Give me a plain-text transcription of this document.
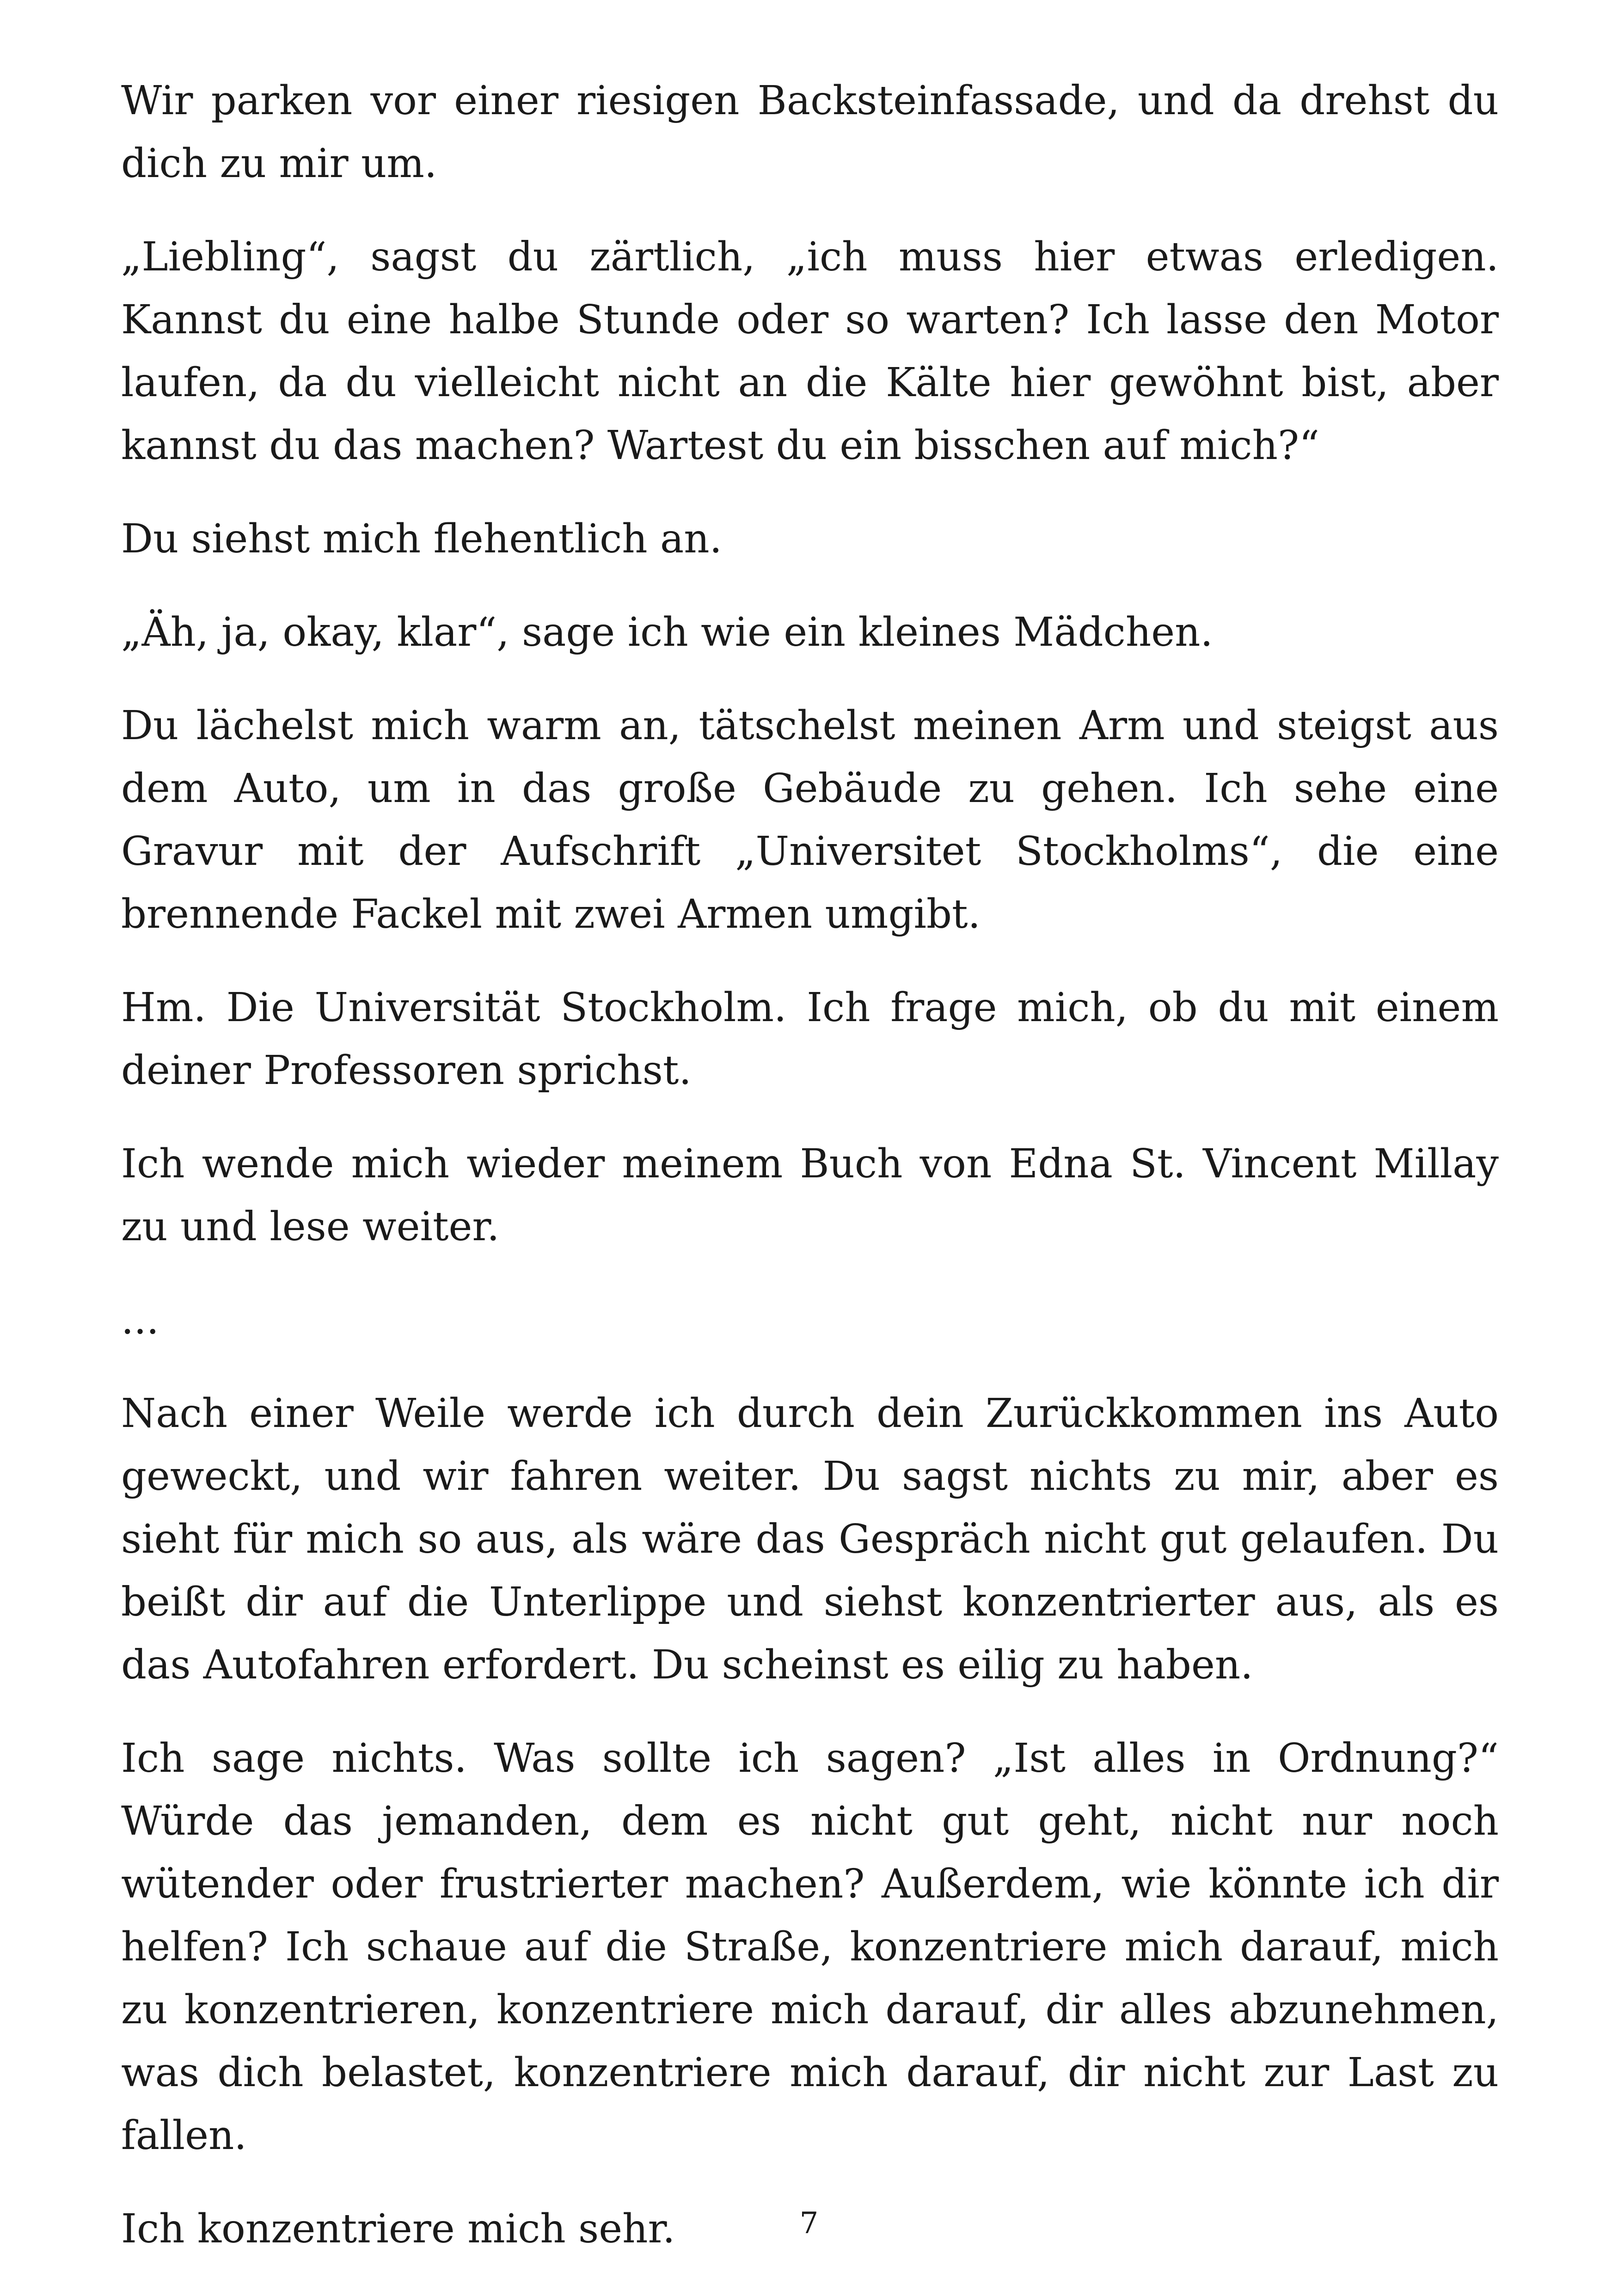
Wir parken vor einer riesigen Backsteinfassade, und da drehst du dich zu mir um.

„Liebling“, sagst du zärtlich, „ich muss hier etwas erledigen. Kannst du eine halbe Stunde oder so warten? Ich lasse den Motor laufen, da du vielleicht nicht an die Kälte hier gewöhnt bist, aber kannst du das machen? Wartest du ein bisschen auf mich?“

Du siehst mich flehentlich an.

„Äh, ja, okay, klar“, sage ich wie ein kleines Mädchen.

Du lächelst mich warm an, tätschelst meinen Arm und steigst aus dem Auto, um in das große Gebäude zu gehen. Ich sehe eine Gravur mit der Aufschrift „Universitet Stockholms“, die eine brennende Fackel mit zwei Armen umgibt.

Hm. Die Universität Stockholm. Ich frage mich, ob du mit einem deiner Professoren sprichst.

Ich wende mich wieder meinem Buch von Edna St. Vincent Millay zu und lese weiter.

...

Nach einer Weile werde ich durch dein Zurückkommen ins Auto geweckt, und wir fahren weiter. Du sagst nichts zu mir, aber es sieht für mich so aus, als wäre das Gespräch nicht gut gelaufen. Du beißt dir auf die Unterlippe und siehst konzentrierter aus, als es das Autofahren erfordert. Du scheinst es eilig zu haben.

Ich sage nichts. Was sollte ich sagen? „Ist alles in Ordnung?“ Würde das jemanden, dem es nicht gut geht, nicht nur noch wütender oder frustrierter machen? Außerdem, wie könnte ich dir helfen? Ich schaue auf die Straße, konzentriere mich darauf, mich zu konzentrieren, konzentriere mich darauf, dir alles abzunehmen, was dich belastet, konzentriere mich darauf, dir nicht zur Last zu fallen.

Ich konzentriere mich sehr.	7
